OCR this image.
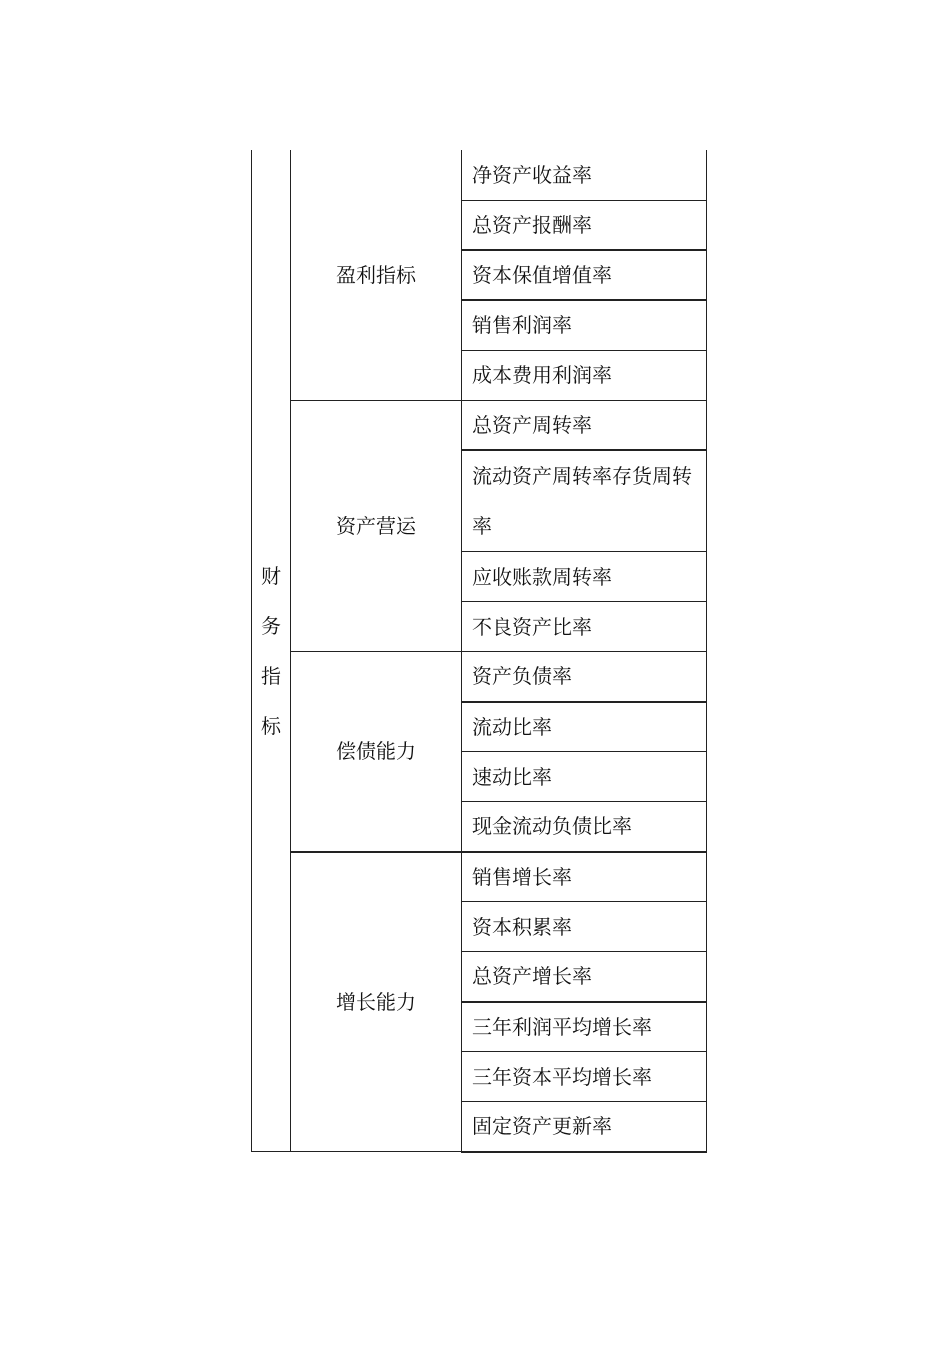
财务指标	盈利指标	净资产收益率
		总资产报酬率
		资本保值增值率
		销售利润率
		成本费用利润率
	资产营运	总资产周转率

		流动资产周转率存货周转率

		应收账款周转率
		不良资产比率
	偿债能力	资产负债率
		流动比率
		速动比率
		现金流动负债比率
	增长能力	销售增长率
		资本积累率
		总资产增长率
		三年利润平均增长率
		三年资本平均增长率
		固定资产更新率
